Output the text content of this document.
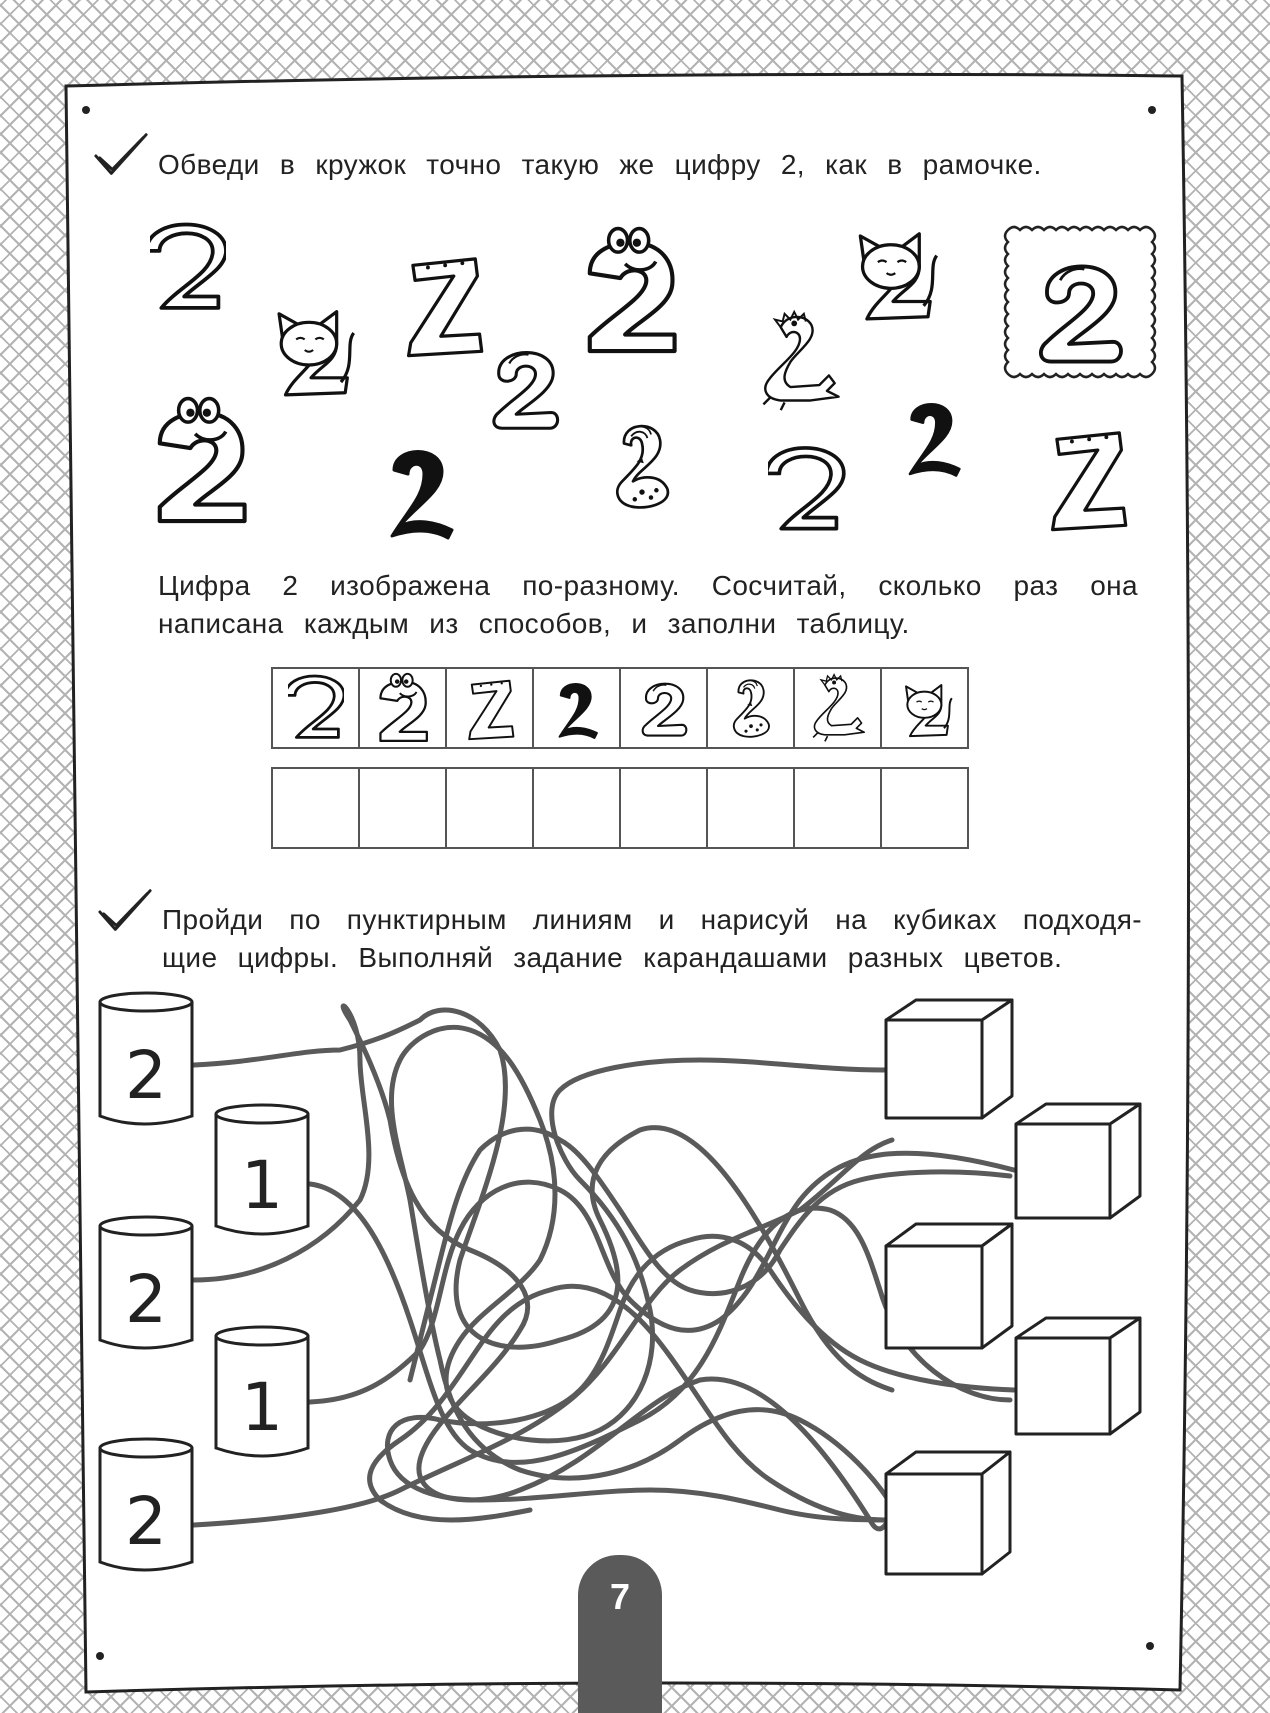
2
1
2
1
2
Обведи в кружок точно такую же цифру 2, как в рамочке.
Цифра 2 изображена по-разному. Сосчитай, сколько раз она
написана каждым из способов, и заполни таблицу.
Пройди по пунктирным линиям и нарисуй на кубиках подходя-
щие цифры. Выполняй задание карандашами разных цветов.
7
